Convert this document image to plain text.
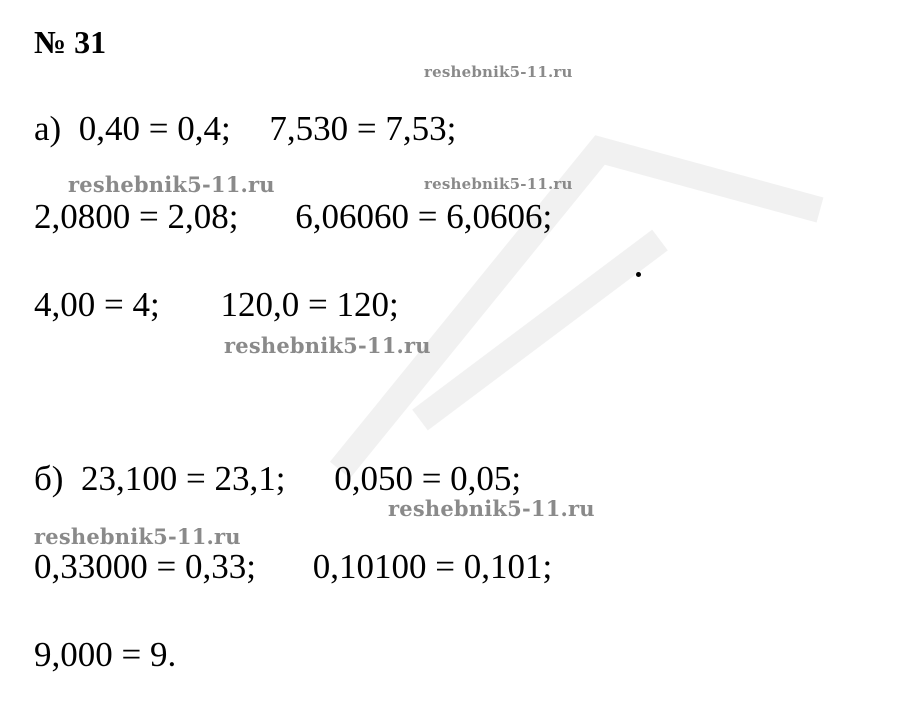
№ 31
reshebnik5-11.ru
а)  0,40 = 0,4; 7,530 = 7,53;
reshebnik5-11.ru	reshebnik5-11.ru
2,0800 = 2,08; 6,06060 = 6,0606;
4,00 = 4; 120,0 = 120;
reshebnik5-11.ru
б)  23,100 = 23,1; 0,050 = 0,05;
reshebnik5-11.ru
reshebnik5-11.ru
0,33000 = 0,33; 0,10100 = 0,101;
9,000 = 9.
